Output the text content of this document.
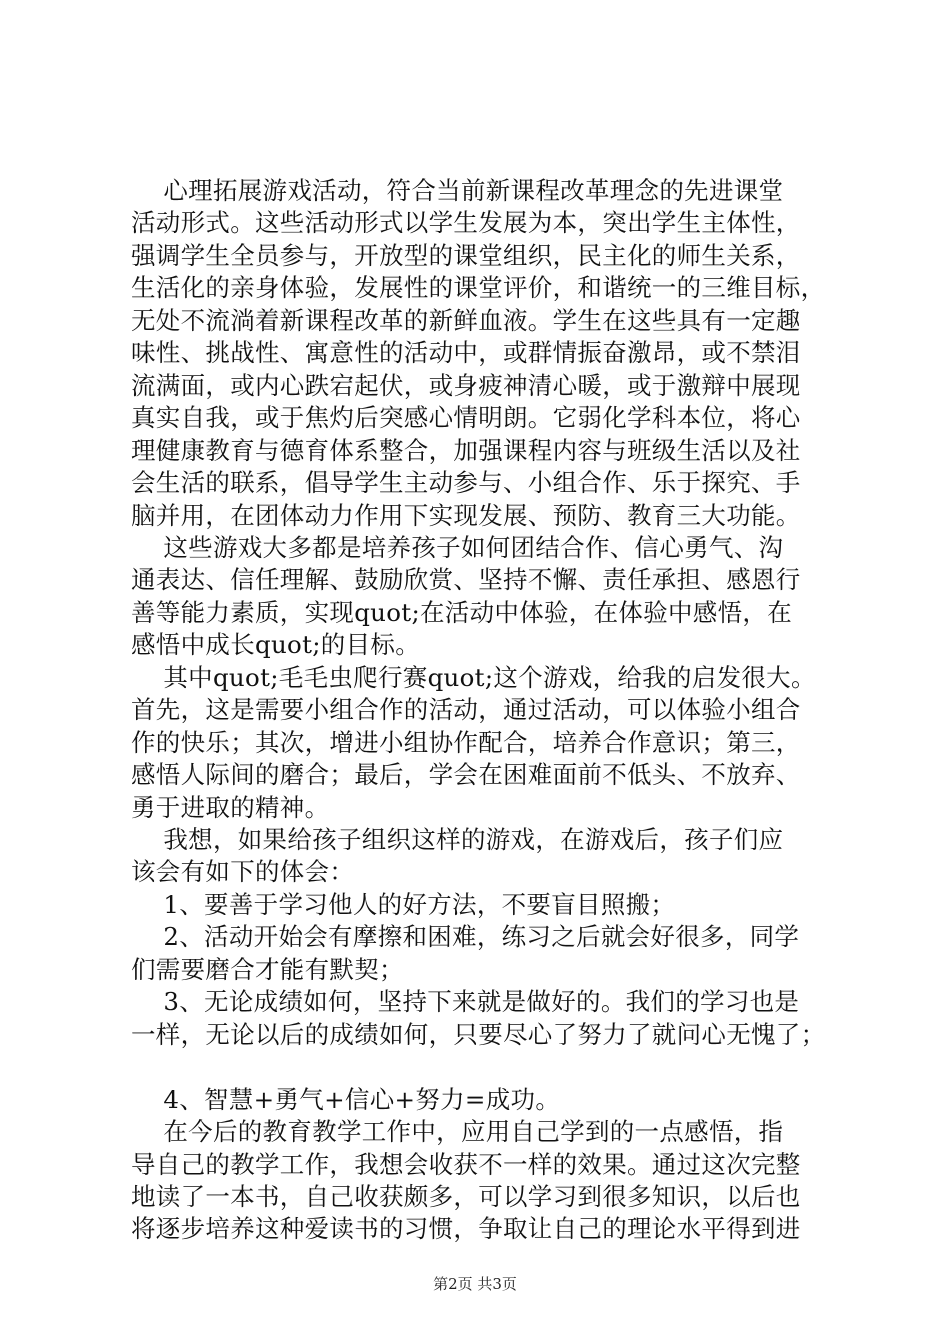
心理拓展游戏活动，符合当前新课程改革理念的先进课堂
活动形式。这些活动形式以学生发展为本，突出学生主体性，
强调学生全员参与，开放型的课堂组织，民主化的师生关系，
生活化的亲身体验，发展性的课堂评价，和谐统一的三维目标，
无处不流淌着新课程改革的新鲜血液。学生在这些具有一定趣
味性、挑战性、寓意性的活动中，或群情振奋激昂，或不禁泪
流满面，或内心跌宕起伏，或身疲神清心暖，或于激辩中展现
真实自我，或于焦灼后突感心情明朗。它弱化学科本位，将心
理健康教育与德育体系整合，加强课程内容与班级生活以及社
会生活的联系，倡导学生主动参与、小组合作、乐于探究、手
脑并用，在团体动力作用下实现发展、预防、教育三大功能。
这些游戏大多都是培养孩子如何团结合作、信心勇气、沟
通表达、信任理解、鼓励欣赏、坚持不懈、责任承担、感恩行
善等能力素质，实现quot;在活动中体验，在体验中感悟，在
感悟中成长quot;的目标。
其中quot;毛毛虫爬行赛quot;这个游戏，给我的启发很大。
首先，这是需要小组合作的活动，通过活动，可以体验小组合
作的快乐；其次，增进小组协作配合，培养合作意识；第三，
感悟人际间的磨合；最后，学会在困难面前不低头、不放弃、
勇于进取的精神。
我想，如果给孩子组织这样的游戏，在游戏后，孩子们应
该会有如下的体会：
1、要善于学习他人的好方法，不要盲目照搬；
2、活动开始会有摩擦和困难，练习之后就会好很多，同学
们需要磨合才能有默契；
3、无论成绩如何，坚持下来就是做好的。我们的学习也是
一样，无论以后的成绩如何，只要尽心了努力了就问心无愧了；
4、智慧+勇气+信心+努力=成功。
在今后的教育教学工作中，应用自己学到的一点感悟，指
导自己的教学工作，我想会收获不一样的效果。通过这次完整
地读了一本书，自己收获颇多，可以学习到很多知识，以后也
将逐步培养这种爱读书的习惯，争取让自己的理论水平得到进
第2页 共3页
